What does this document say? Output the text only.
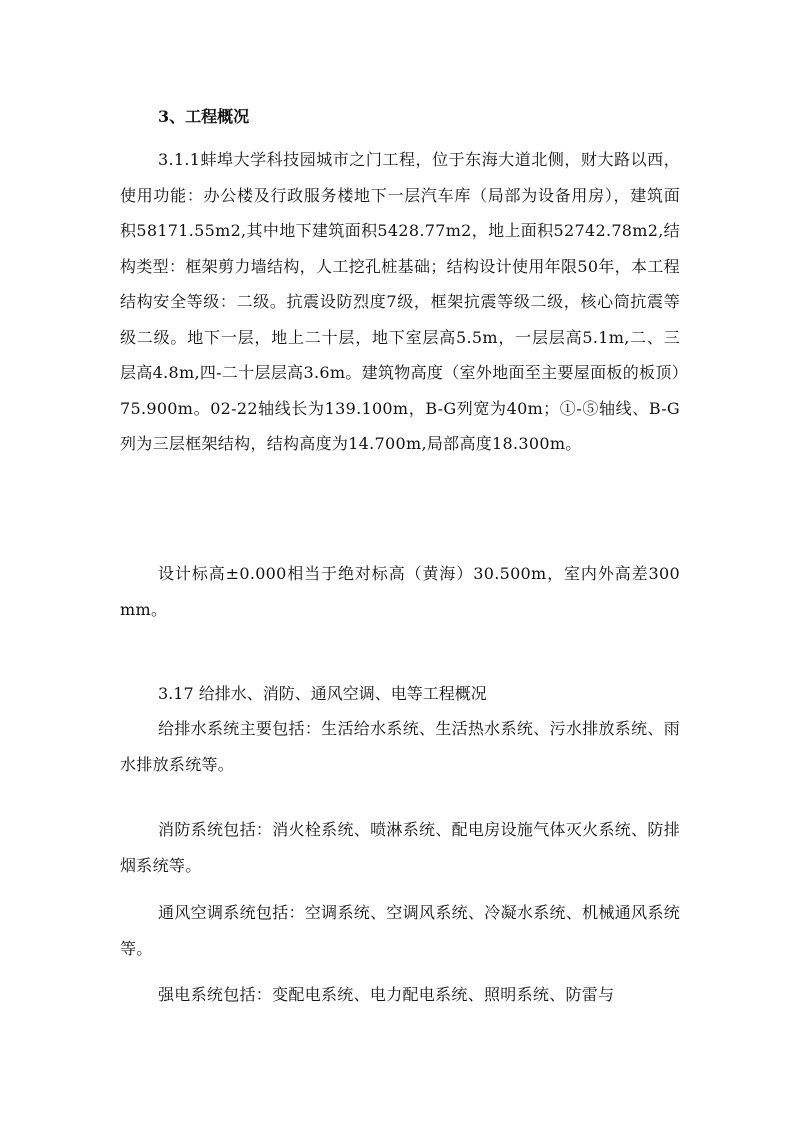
3、工程概况
3.1.1蚌埠大学科技园城市之门工程，位于东海大道北侧，财大路以西，使用功能：办公楼及行政服务楼地下一层汽车库（局部为设备用房），建筑面积58171.55m2,其中地下建筑面积5428.77m2，地上面积52742.78m2,结构类型：框架剪力墙结构，人工挖孔桩基础；结构设计使用年限50年，本工程结构安全等级：二级。抗震设防烈度7级，框架抗震等级二级，核心筒抗震等级二级。地下一层，地上二十层，地下室层高5.5m，一层层高5.1m,二、三层高4.8m,四-二十层层高3.6m。建筑物高度（室外地面至主要屋面板的板顶）75.900m。02-22轴线长为139.100m，B-G列宽为40m；①-⑤轴线、B-G列为三层框架结构，结构高度为14.700m,局部高度18.300m。
设计标高±0.000相当于绝对标高（黄海）30.500m，室内外高差300mm。
3.17 给排水、消防、通风空调、电等工程概况
给排水系统主要包括：生活给水系统、生活热水系统、污水排放系统、雨水排放系统等。
消防系统包括：消火栓系统、喷淋系统、配电房设施气体灭火系统、防排烟系统等。
通风空调系统包括：空调系统、空调风系统、冷凝水系统、机械通风系统等。
强电系统包括：变配电系统、电力配电系统、照明系统、防雷与
